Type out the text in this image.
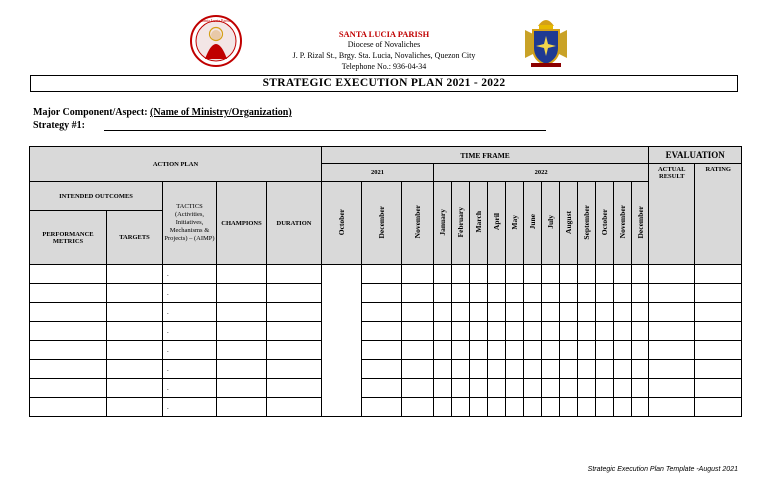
Santa Lucia Parish
SANTA LUCIA PARISH
Diocese of Novaliches
J. P. Rizal St., Brgy. Sta. Lucia, Novaliches, Quezon City
Telephone No.: 936-04-34
STRATEGIC EXECUTION PLAN 2021 - 2022
Major Component/Aspect: (Name of Ministry/Organization)
Strategy #1:
ACTION PLAN					TIME FRAME															EVALUATION	
					2021			2022												ACTUAL RESULT	RATING
INTENDED OUTCOMES		TACTICS (Activities, Initiatives, Mechanisms & Projects) – (AIMP)	CHAMPIONS	DURATION	October	December	November	January	February	March	April	May	June	July	August	September	October	November	December		
PERFORMANCE METRICS	TARGETS																				
		.																			
		.																			
		.																			
		.																			
		.																			
		.																			
		.																			
		.																			
Strategic Execution Plan Template -August 2021
